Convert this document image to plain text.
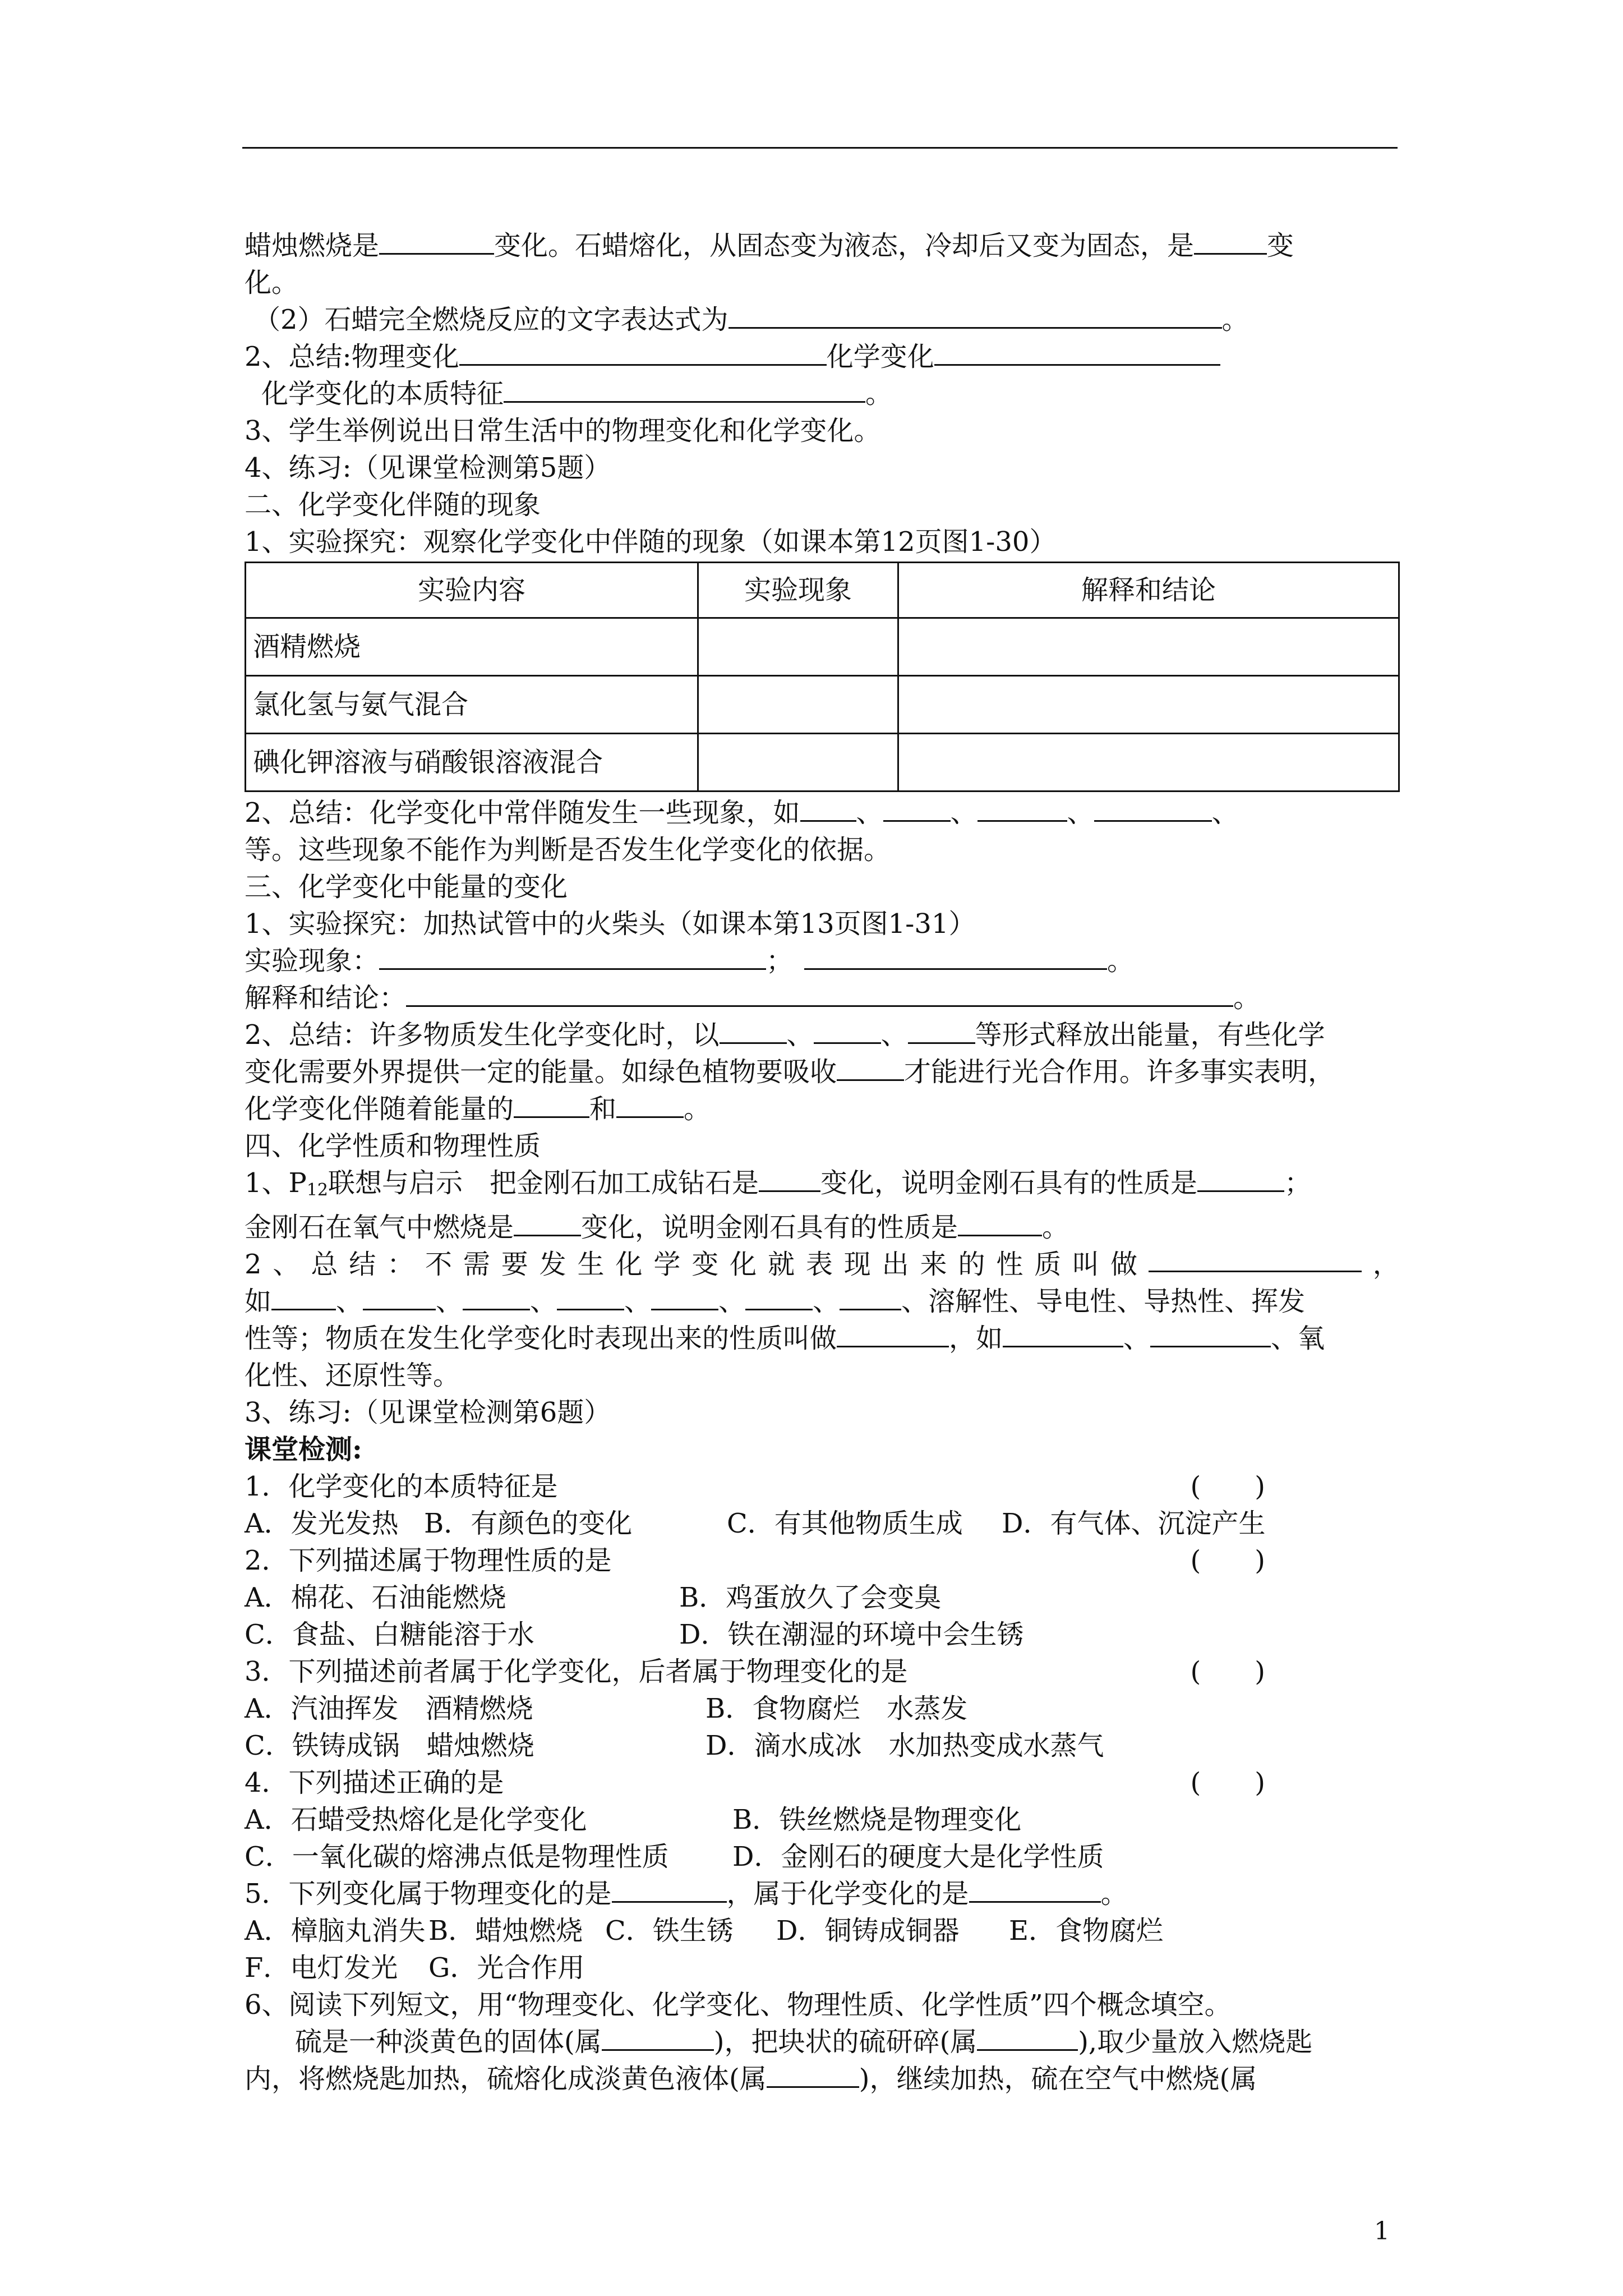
蜡烛燃烧是	变化。石蜡熔化，从固态变为液态，冷却后又变为固态，是	变
化。
（2）石蜡完全燃烧反应的文字表达式为	。
2、总结:物理变化	化学变化
化学变化的本质特征	。
3、学生举例说出日常生活中的物理变化和化学变化。
4、练习:（见课堂检测第5题）
二、化学变化伴随的现象
1、实验探究：观察化学变化中伴随的现象（如课本第12页图1-30）
实验内容	实验现象	解释和结论
酒精燃烧		
氯化氢与氨气混合		
碘化钾溶液与硝酸银溶液混合		
2、总结：化学变化中常伴随发生一些现象，如 、	、	、	、
等。这些现象不能作为判断是否发生化学变化的依据。
三、化学变化中能量的变化
1、实验探究：加热试管中的火柴头（如课本第13页图1-31）
实验现象：	；	。
解释和结论：	。
2、总结：许多物质发生化学变化时，以	、	、	等形式释放出能量，有些化学
变化需要外界提供一定的能量。如绿色植物要吸收	才能进行光合作用。许多事实表明，
化学变化伴随着能量的	和	。
四、化学性质和物理性质
1、$P_{12}$联想与启示　把金刚石加工成钻石是 变化，说明金刚石具有的性质是	；
金刚石在氧气中燃烧是	变化，说明金刚石具有的性质是	。
2 、 总 结 ： 不 需 要 发 生 化 学 变 化 就 表 现 出 来 的 性 质 叫 做	，
如 、	、	、	、	、	、 、溶解性、导电性、导热性、挥发
性等；物质在发生化学变化时表现出来的性质叫做	，如	、	、氧
化性、还原性等。
3、练习:（见课堂检测第6题）
课堂检测:
1．化学变化的本质特征是	(　　)
A．发光发热 B．有颜色的变化	C．有其他物质生成 D．有气体、沉淀产生
2．下列描述属于物理性质的是	(　　)
A．棉花、石油能燃烧	B．鸡蛋放久了会变臭
C．食盐、白糖能溶于水	D．铁在潮湿的环境中会生锈
3．下列描述前者属于化学变化，后者属于物理变化的是	(　　)
A．汽油挥发　酒精燃烧	B．食物腐烂　水蒸发
C．铁铸成锅　蜡烛燃烧	D．滴水成冰　水加热变成水蒸气
4．下列描述正确的是	(　　)
A．石蜡受热熔化是化学变化	B．铁丝燃烧是物理变化
C．一氧化碳的熔沸点低是物理性质 D．金刚石的硬度大是化学性质
5．下列变化属于物理变化的是	，属于化学变化的是	。
A．樟脑丸消失 B．蜡烛燃烧 C．铁生锈 D．铜铸成铜器 E．食物腐烂
F．电灯发光 G．光合作用
6、阅读下列短文，用“物理变化、化学变化、物理性质、化学性质”四个概念填空。
硫是一种淡黄色的固体(属	)，把块状的硫研碎(属	),取少量放入燃烧匙
内，将燃烧匙加热，硫熔化成淡黄色液体(属	)，继续加热，硫在空气中燃烧(属
1
